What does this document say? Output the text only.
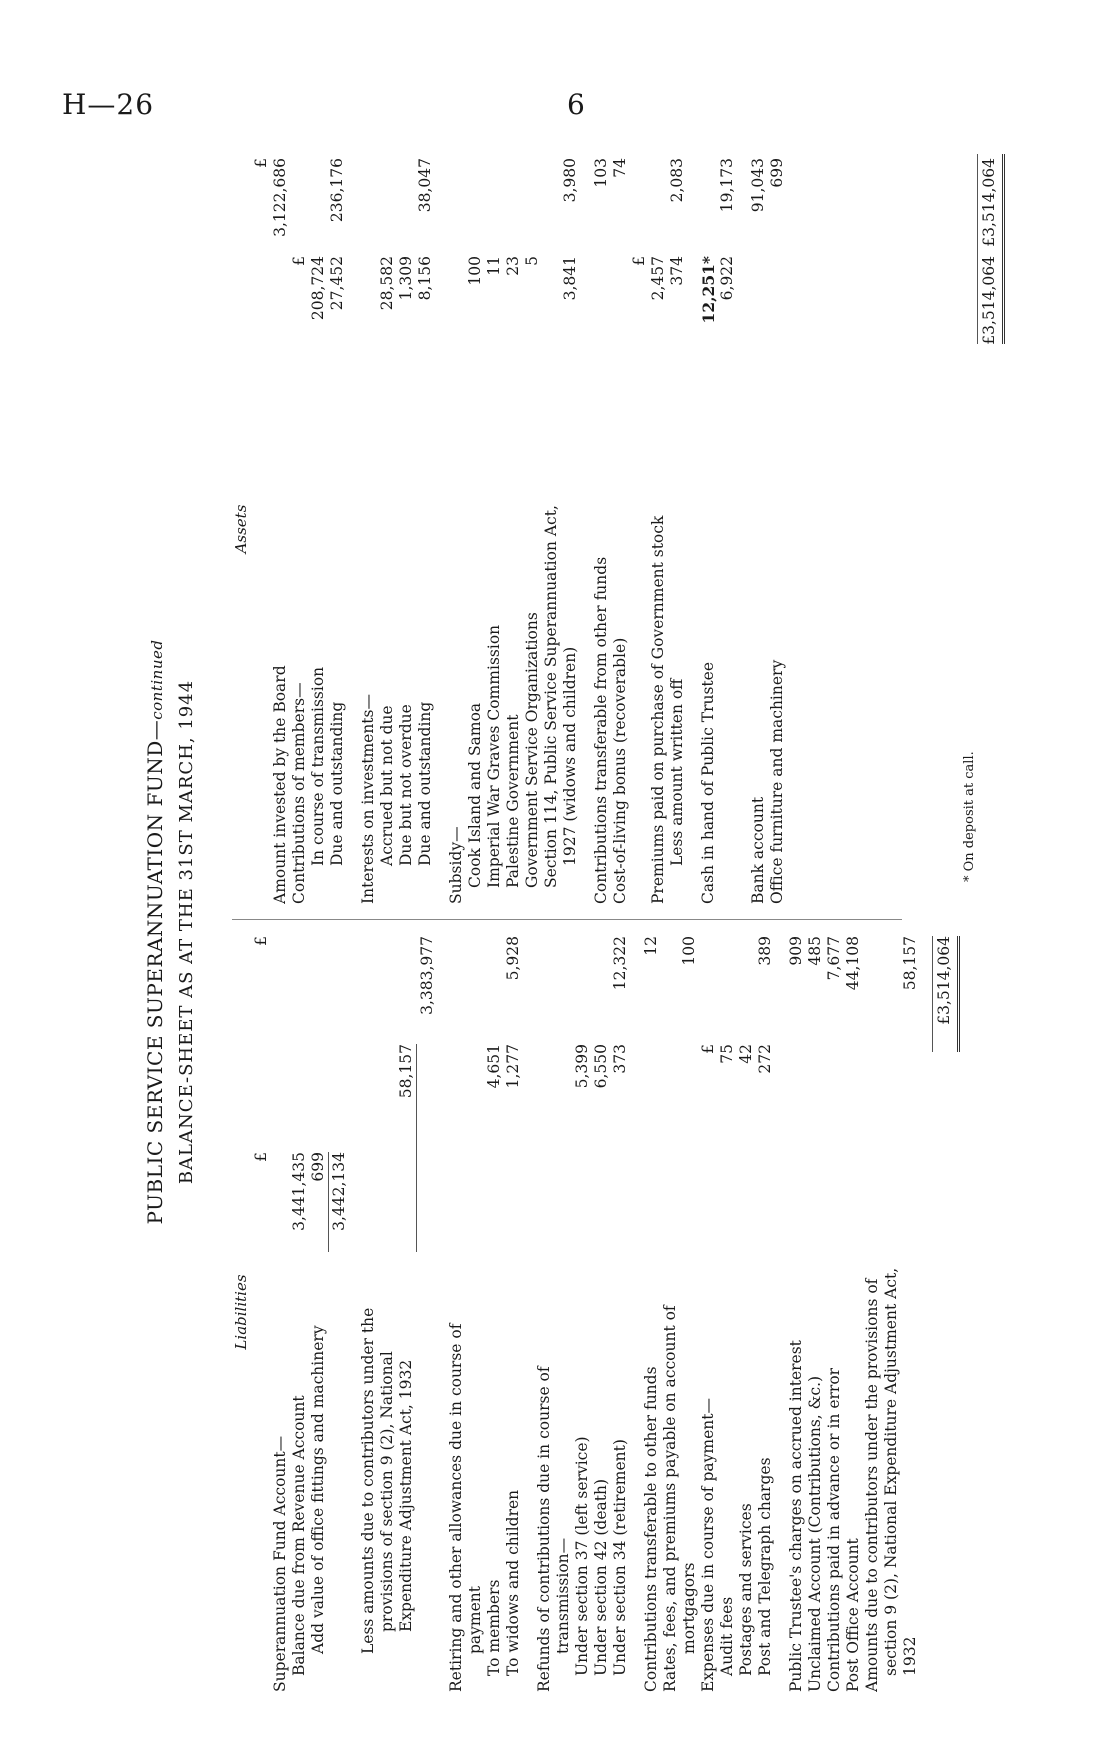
H—26	6
PUBLIC SERVICE SUPERANNUATION FUND—continued
BALANCE-SHEET AS AT THE 31ST MARCH, 1944
Liabilities
£
£
Superannuation Fund Account— Balance due from Revenue Account
3,441,435
Add value of office fittings and machinery
699 3,442,134
Less amounts due to contributors under the provisions of section 9 (2), National Expenditure Adjustment Act, 1932
58,157
3,383,977
Retiring and other allowances due in course of payment To members
4,651
To widows and children
1,277
5,928
Refunds of contributions due in course of transmission— Under section 37 (left service)
5,399
Under section 42 (death)
6,550
Under section 34 (retirement)
373
12,322
Contributions transferable to other funds
12
Rates, fees, and premiums payable on account of mortgagors
100
Expenses due in course of payment—
£
Audit fees
75
Postages and services
42
Post and Telegraph charges
272
389
Public Trustee's charges on accrued interest
909
Unclaimed Account (Contributions, &c.)
485
Contributions paid in advance or in error
7,677
Post Office Account
44,108
Amounts due to contributors under the provisions of section 9 (2), National Expenditure Adjustment Act, 1932
58,157 £3,514,064
Assets
£
Amount invested by the Board
3,122,686
Contributions of members—
£
In course of transmission
208,724
Due and outstanding
27,452
236,176
Interests on investments— Accrued but not due
28,582
Due but not overdue
1,309
Due and outstanding
8,156
38,047
Subsidy— Cook Island and Samoa
100
Imperial War Graves Commission
11
Palestine Government
23
Government Service Organizations
5
Section 114, Public Service Superannuation Act, 1927 (widows and children)
3,841
3,980
Contributions transferable from other funds
103
Cost-of-living bonus (recoverable)
74
£
Premiums paid on purchase of Government stock
2,457
Less amount written off
374
2,083
Cash in hand of Public Trustee
12,251* 6,922
19,173
Bank account
91,043
Office furniture and machinery
699
£3,514,064
£3,514,064
* On deposit at call.
